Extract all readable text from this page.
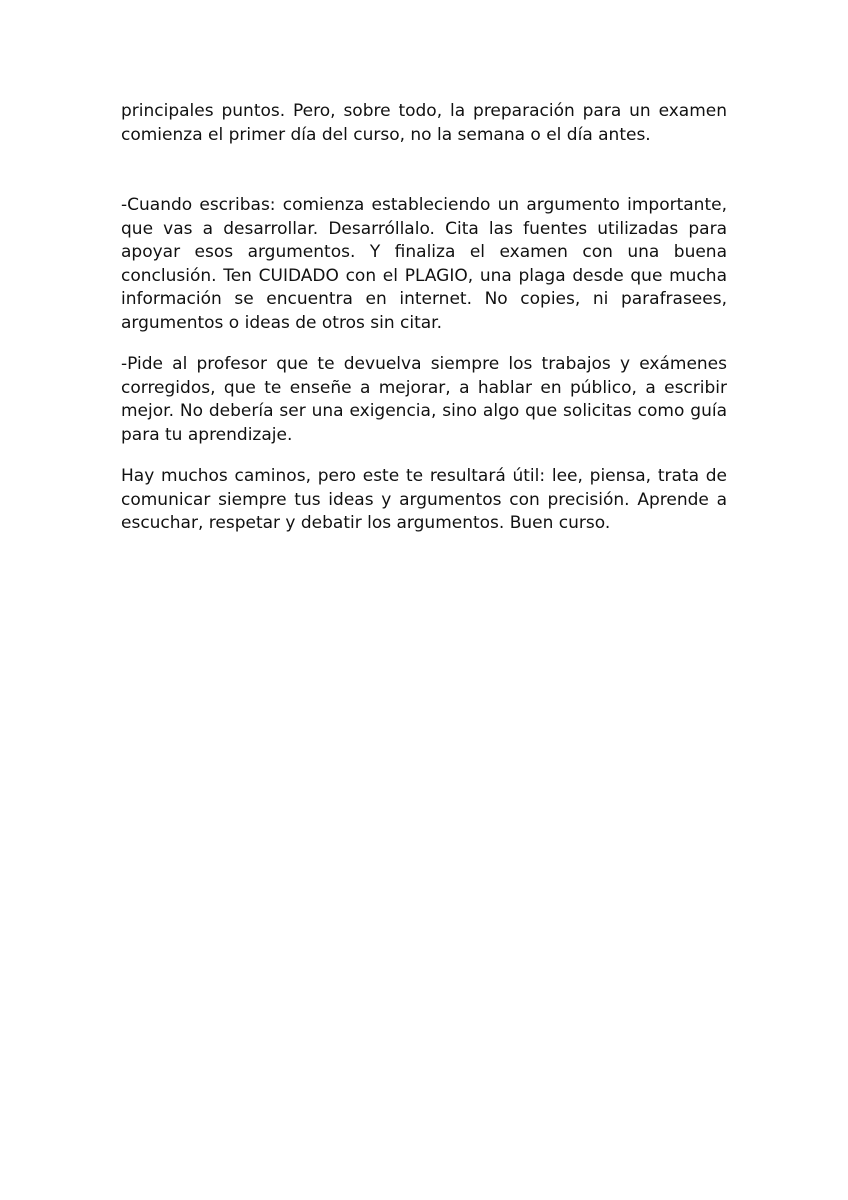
principales puntos. Pero, sobre todo, la preparación para un examen comienza el primer día del curso, no la semana o el día antes.

-Cuando escribas: comienza estableciendo un argumento importante, que vas a desarrollar. Desarróllalo. Cita las fuentes utilizadas para apoyar esos argumentos. Y finaliza el examen con una buena conclusión. Ten CUIDADO con el PLAGIO, una plaga desde que mucha información se encuentra en internet. No copies, ni parafrasees, argumentos o ideas de otros sin citar.

-Pide al profesor que te devuelva siempre los trabajos y exámenes corregidos, que te enseñe a mejorar, a hablar en público, a escribir mejor. No debería ser una exigencia, sino algo que solicitas como guía para tu aprendizaje.

Hay muchos caminos, pero este te resultará útil: lee, piensa, trata de comunicar siempre tus ideas y argumentos con precisión. Aprende a escuchar, respetar y debatir los argumentos. Buen curso.
